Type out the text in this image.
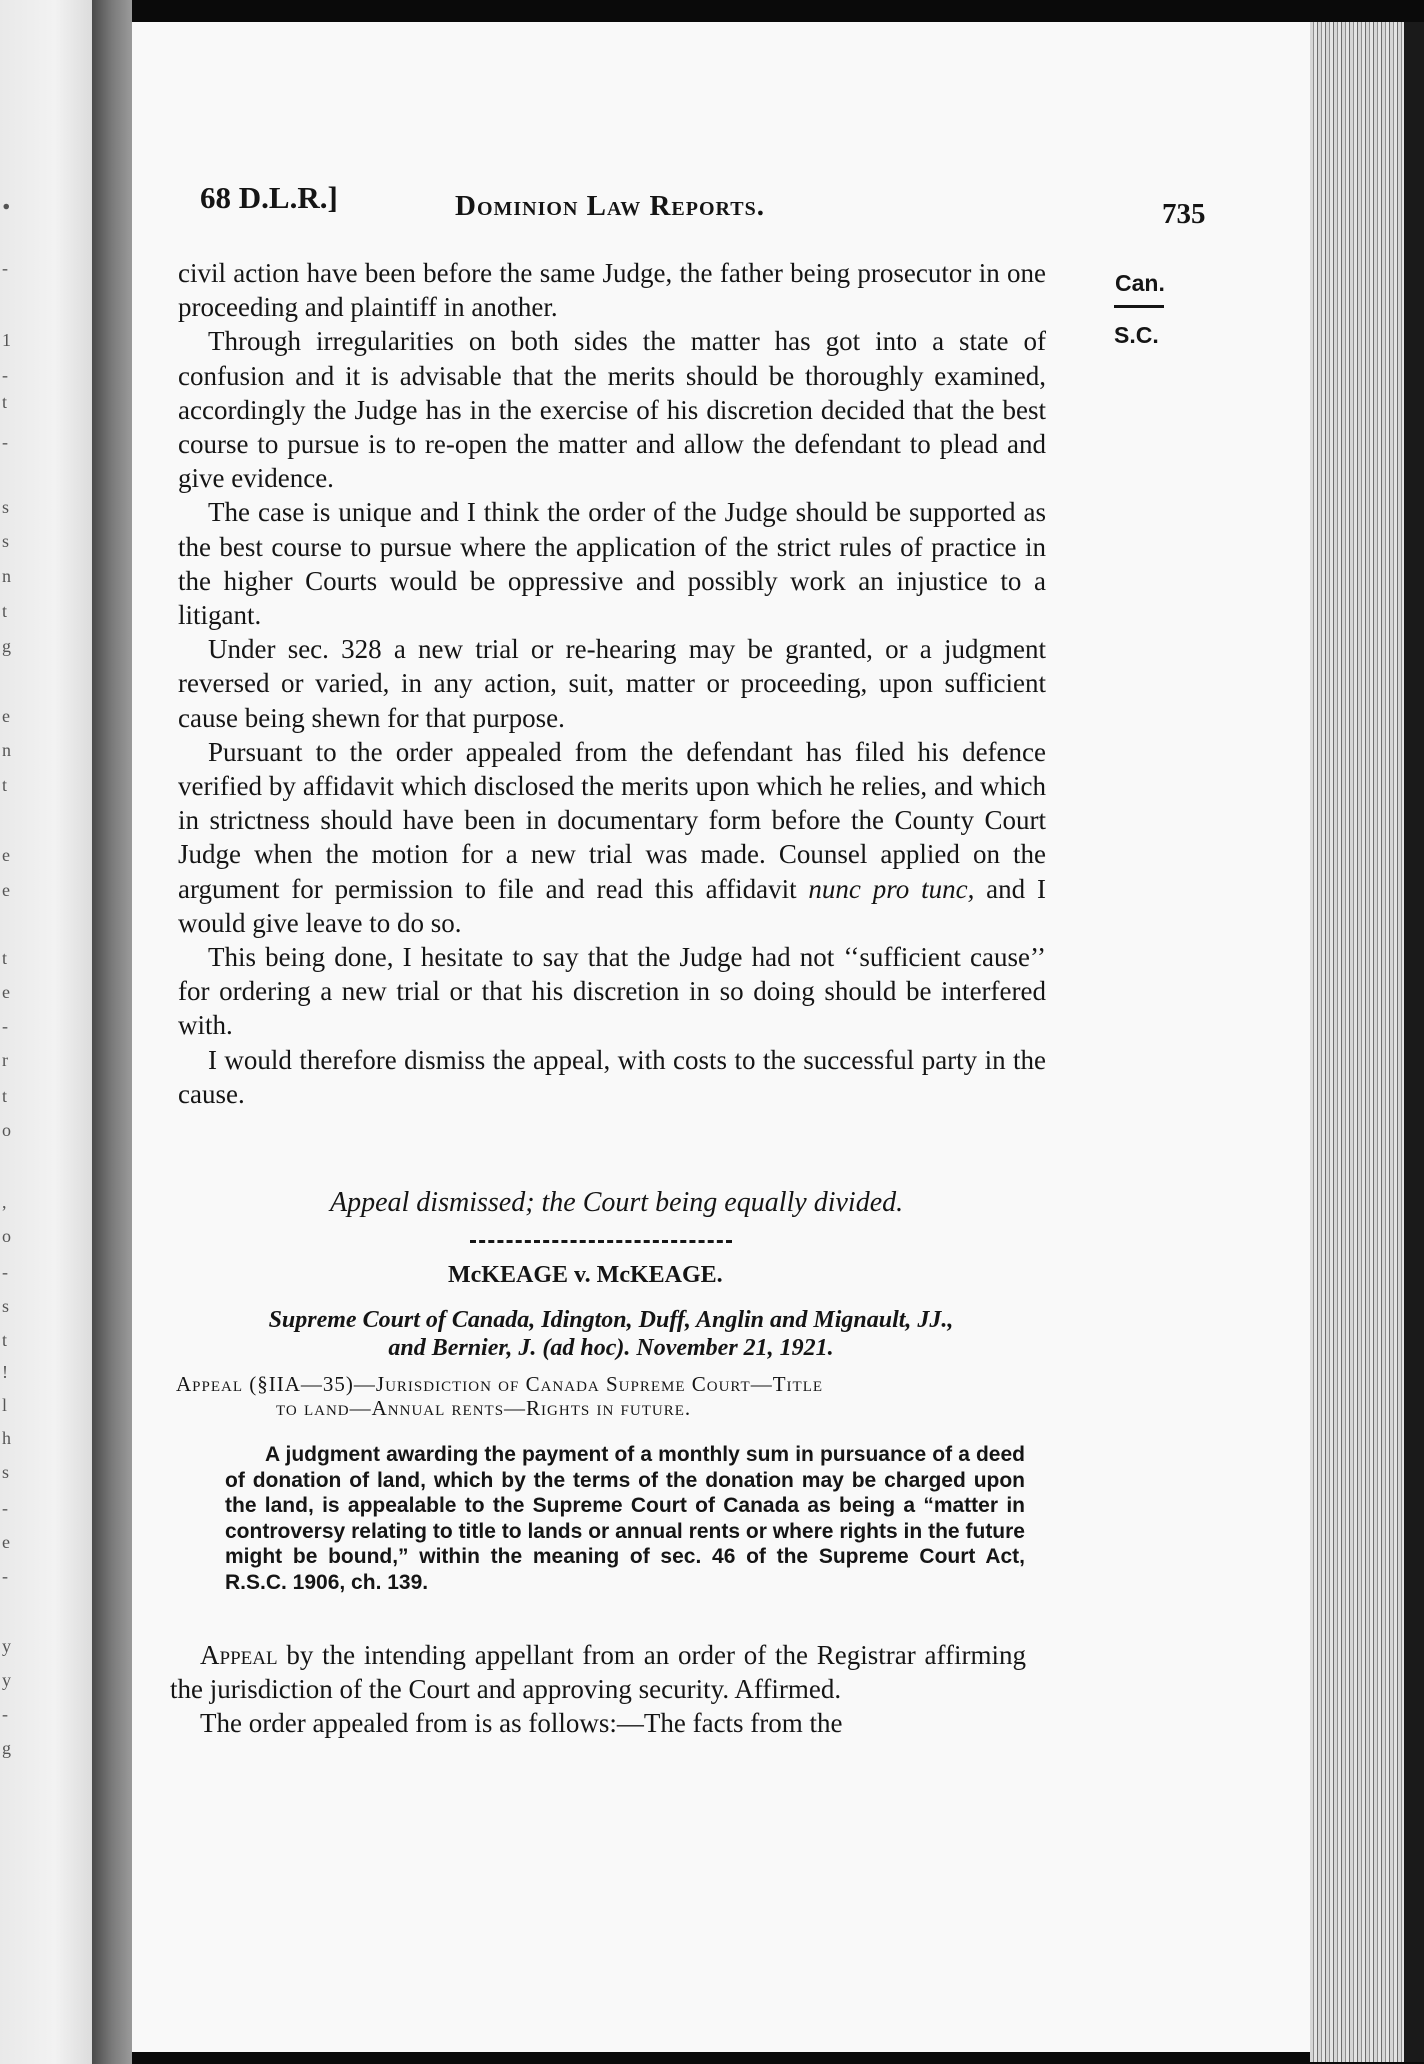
.
-
1
-
t
-
s
s
n
t
g
e
n
t
e
e
t
e
-
r
t
o
,
o
-
s
t
!
l
h
s
-
e
-
y
y
-
g
68 D.L.R.]	Dominion Law Reports.	735
Can.
S.C.

civil action have been before the same Judge, the father being prosecutor in one proceeding and plaintiff in another.

Through irregularities on both sides the matter has got into a state of confusion and it is advisable that the merits should be thoroughly examined, accordingly the Judge has in the exercise of his discretion decided that the best course to pursue is to re-open the matter and allow the defendant to plead and give evidence.

The case is unique and I think the order of the Judge should be supported as the best course to pursue where the application of the strict rules of practice in the higher Courts would be oppressive and possibly work an injustice to a litigant.

Under sec. 328 a new trial or re-hearing may be granted, or a judgment reversed or varied, in any action, suit, matter or proceeding, upon sufficient cause being shewn for that purpose.

Pursuant to the order appealed from the defendant has filed his defence verified by affidavit which disclosed the merits upon which he relies, and which in strictness should have been in documentary form before the County Court Judge when the motion for a new trial was made. Counsel applied on the argument for permission to file and read this affidavit nunc pro tunc, and I would give leave to do so.

This being done, I hesitate to say that the Judge had not ‘‘sufficient cause’’ for ordering a new trial or that his discretion in so doing should be interfered with.

I would therefore dismiss the appeal, with costs to the successful party in the cause.

Appeal dismissed; the Court being equally divided.
McKEAGE v. McKEAGE.
Supreme Court of Canada, Idington, Duff, Anglin and Mignault, JJ.,
and Bernier, J. (ad hoc). November 21, 1921.
Appeal (§IIA—35)—Jurisdiction of Canada Supreme Court—Title
to land—Annual rents—Rights in future.
A judgment awarding the payment of a monthly sum in pursuance of a deed of donation of land, which by the terms of the donation may be charged upon the land, is appealable to the Supreme Court of Canada as being a “matter in controversy relating to title to lands or annual rents or where rights in the future might be bound,” within the meaning of sec. 46 of the Supreme Court Act, R.S.C. 1906, ch. 139.

Appeal by the intending appellant from an order of the Registrar affirming the jurisdiction of the Court and approving security. Affirmed.

The order appealed from is as follows:—The facts from the
